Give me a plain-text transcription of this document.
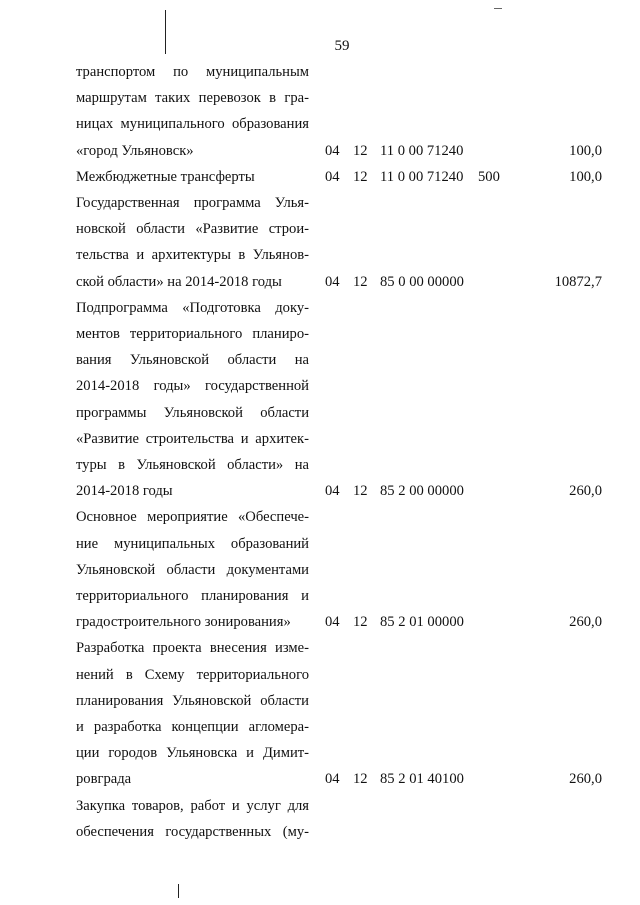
59
транспортом по муниципальным
маршрутам таких перевозок в гра-
ницах муниципального образования
«город Ульяновск»	04 12 11 0 00 71240	100,0
Межбюджетные трансферты	04 12 11 0 00 71240 500	100,0
Государственная программа Улья-
новской области «Развитие строи-
тельства и архитектуры в Ульянов-
ской области» на 2014-2018 годы	04 12 85 0 00 00000	10872,7
Подпрограмма «Подготовка доку-
ментов территориального планиро-
вания Ульяновской области на
2014-2018 годы» государственной
программы Ульяновской области
«Развитие строительства и архитек-
туры в Ульяновской области» на
2014-2018 годы	04 12 85 2 00 00000	260,0
Основное мероприятие «Обеспече-
ние муниципальных образований
Ульяновской области документами
территориального планирования и
градостроительного зонирования»	04 12 85 2 01 00000	260,0
Разработка проекта внесения изме-
нений в Схему территориального
планирования Ульяновской области
и разработка концепции агломера-
ции городов Ульяновска и Димит-
ровграда	04 12 85 2 01 40100	260,0
Закупка товаров, работ и услуг для
обеспечения государственных (му-
